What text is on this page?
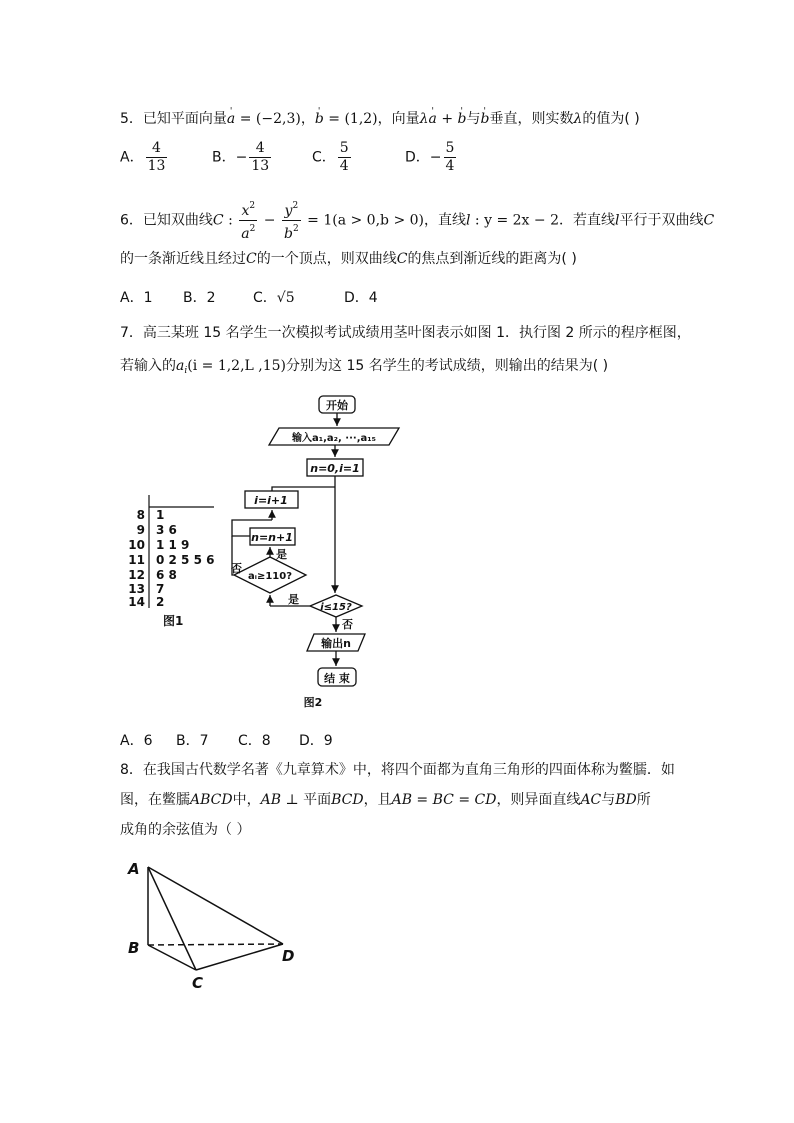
5．已知平面向量' a = (−2,3)，' b = (1,2)，向量λ' a + ' b与' b垂直，则实数λ的值为( )
A． $\frac{4}{13}$	B．− $\frac{4}{13}$	C． $\frac{5}{4}$	D．− $\frac{5}{4}$
6．已知双曲线C : $\frac{x^2}{a^2} - \frac{y^2}{b^2} = 1(a > 0,b > 0)$，直线l : y = 2x − 2．若直线l平行于双曲线C
的一条渐近线且经过C的一个顶点，则双曲线C的焦点到渐近线的距离为( )
A．1 B．2	C．√5	D．4
7．高三某班 15 名学生一次模拟考试成绩用茎叶图表示如图 1．执行图 2 所示的程序框图，
若输入的$a_i(i = 1,2,L$ ,15)分别为这 15 名学生的考试成绩，则输出的结果为( )
8 1
9 3 6
10 1 1 9
11 0 2 5 5 6
12 6 8
13 7
14 2
图1
开始
输入a₁,a₂, ···,a₁₅
n=0,i=1
i=i+1
n=n+1
aᵢ≥110?
i≤15?
是
否
是
否
输出n
结 束
图2
A．6 B．7 C．8 D．9
8．在我国古代数学名著《九章算术》中，将四个面都为直角三角形的四面体称为鳖臑．如
图，在鳖臑ABCD中，AB ⊥ 平面BCD，且AB = BC = CD，则异面直线AC与BD所
成角的余弦值为（ ）
A
B
C
D
